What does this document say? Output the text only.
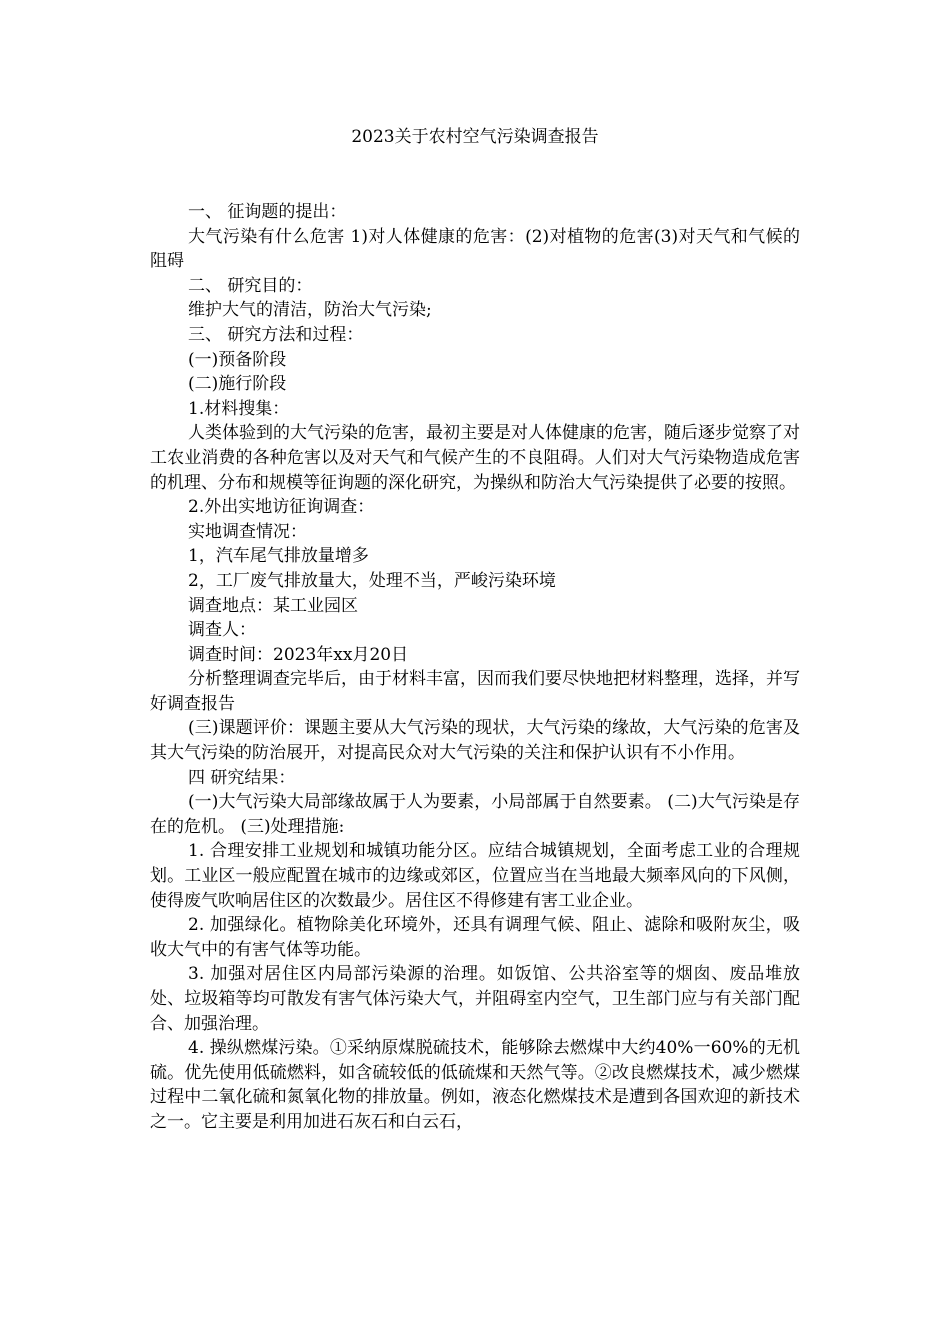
2023关于农村空气污染调查报告

一、 征询题的提出：

大气污染有什么危害 1)对人体健康的危害：(2)对植物的危害(3)对天气和气候的阻碍

二、 研究目的：

维护大气的清洁，防治大气污染;

三、 研究方法和过程：

(一)预备阶段

(二)施行阶段

1.材料搜集：

人类体验到的大气污染的危害，最初主要是对人体健康的危害，随后逐步觉察了对工农业消费的各种危害以及对天气和气候产生的不良阻碍。人们对大气污染物造成危害的机理、分布和规模等征询题的深化研究，为操纵和防治大气污染提供了必要的按照。

2.外出实地访征询调查：

实地调查情况：

1，汽车尾气排放量增多

2，工厂废气排放量大，处理不当，严峻污染环境

调查地点：某工业园区

调查人：

调查时间：2023年xx月20日

分析整理调查完毕后，由于材料丰富，因而我们要尽快地把材料整理，选择，并写好调查报告

(三)课题评价：课题主要从大气污染的现状，大气污染的缘故，大气污染的危害及其大气污染的防治展开，对提高民众对大气污染的关注和保护认识有不小作用。

四 研究结果：

(一)大气污染大局部缘故属于人为要素，小局部属于自然要素。 (二)大气污染是存在的危机。 (三)处理措施:

1. 合理安排工业规划和城镇功能分区。应结合城镇规划，全面考虑工业的合理规划。工业区一般应配置在城市的边缘或郊区，位置应当在当地最大频率风向的下风侧，使得废气吹响居住区的次数最少。居住区不得修建有害工业企业。

2. 加强绿化。植物除美化环境外，还具有调理气候、阻止、滤除和吸附灰尘，吸收大气中的有害气体等功能。

3. 加强对居住区内局部污染源的治理。如饭馆、公共浴室等的烟囱、废品堆放处、垃圾箱等均可散发有害气体污染大气，并阻碍室内空气，卫生部门应与有关部门配合、加强治理。

4. 操纵燃煤污染。①采纳原煤脱硫技术，能够除去燃煤中大约40%一60%的无机硫。优先使用低硫燃料，如含硫较低的低硫煤和天然气等。②改良燃煤技术，减少燃煤过程中二氧化硫和氮氧化物的排放量。例如，液态化燃煤技术是遭到各国欢迎的新技术之一。它主要是利用加进石灰石和白云石，
